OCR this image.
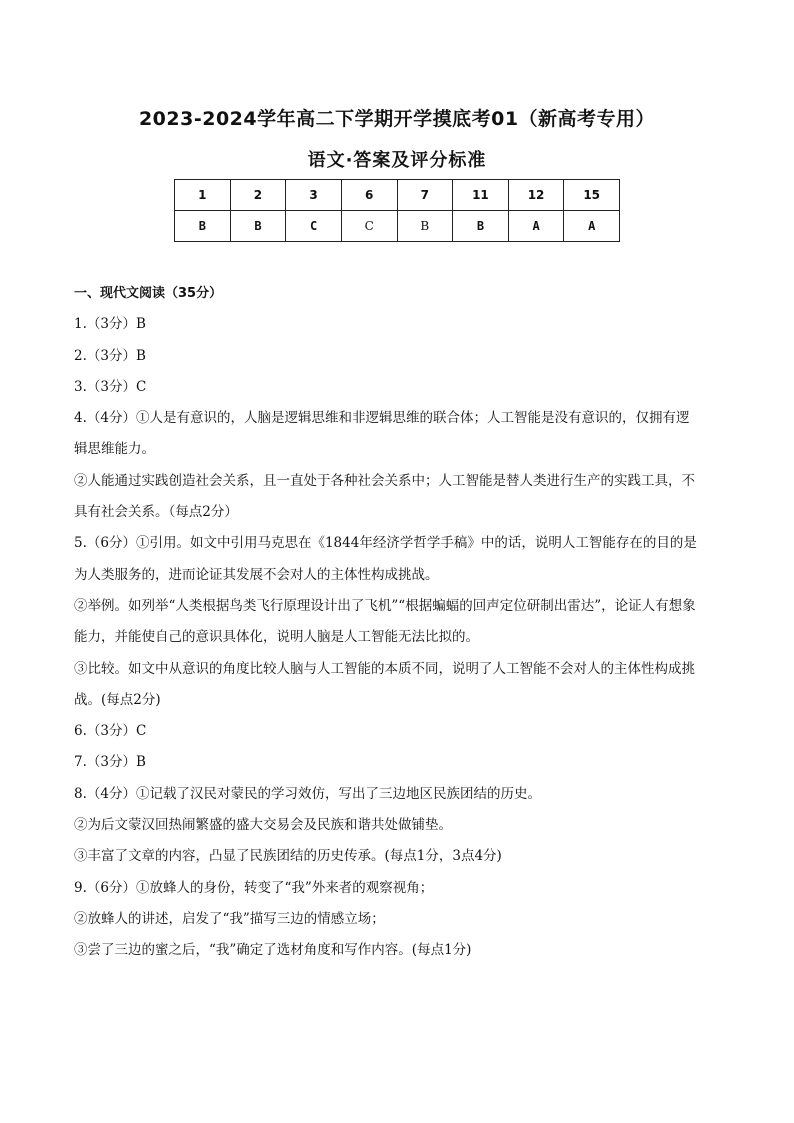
2023-2024学年高二下学期开学摸底考01（新高考专用）
语文·答案及评分标准
1	2	3	6	7	11	12	15
B	B	C	C	B	B	A	A

一、现代文阅读（35分）

1.（3分）B

2.（3分）B

3.（3分）C

4.（4分）①人是有意识的，人脑是逻辑思维和非逻辑思维的联合体；人工智能是没有意识的，仅拥有逻

辑思维能力。

②人能通过实践创造社会关系，且一直处于各种社会关系中；人工智能是替人类进行生产的实践工具，不

具有社会关系。（每点2分）

5.（6分）①引用。如文中引用马克思在《1844年经济学哲学手稿》中的话，说明人工智能存在的目的是

为人类服务的，进而论证其发展不会对人的主体性构成挑战。

②举例。如列举“人类根据鸟类飞行原理设计出了飞机”“根据蝙蝠的回声定位研制出雷达”，论证人有想象

能力，并能使自己的意识具体化，说明人脑是人工智能无法比拟的。

③比较。如文中从意识的角度比较人脑与人工智能的本质不同，说明了人工智能不会对人的主体性构成挑

战。(每点2分)

6.（3分）C

7.（3分）B

8.（4分）①记载了汉民对蒙民的学习效仿，写出了三边地区民族团结的历史。

②为后文蒙汉回热闹繁盛的盛大交易会及民族和谐共处做铺垫。

③丰富了文章的内容，凸显了民族团结的历史传承。(每点1分，3点4分)

9.（6分）①放蜂人的身份，转变了“我”外来者的观察视角；

②放蜂人的讲述，启发了“我”描写三边的情感立场；

③尝了三边的蜜之后，“我”确定了选材角度和写作内容。(每点1分)
